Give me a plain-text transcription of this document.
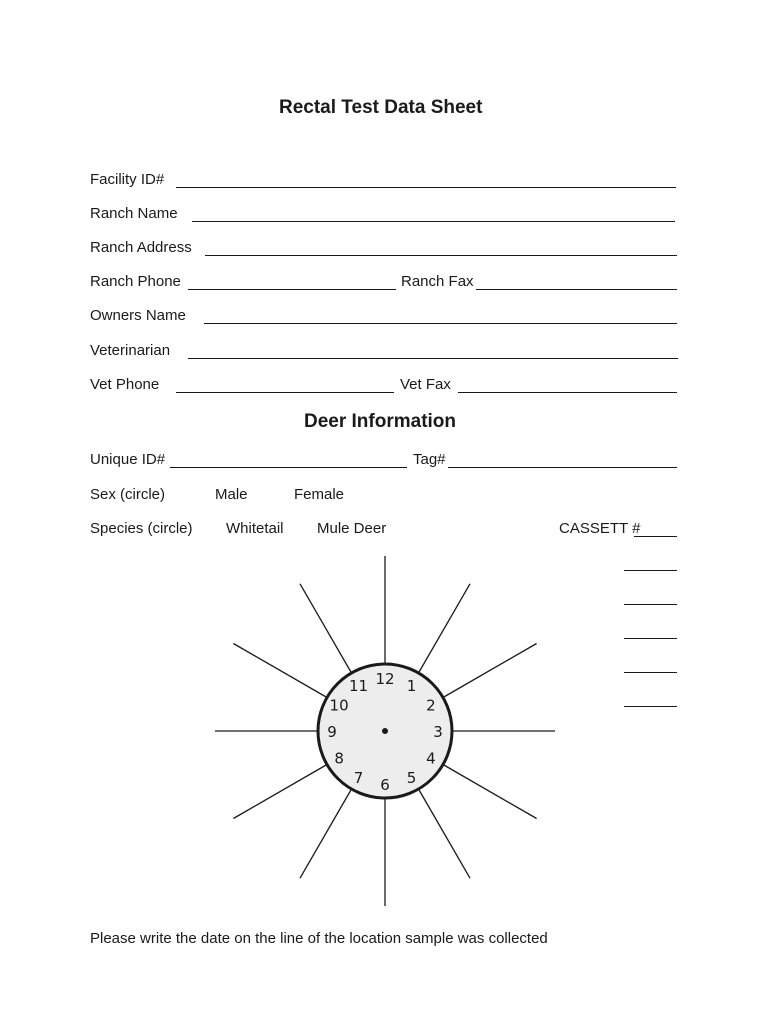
Rectal Test Data Sheet
Facility ID#
Ranch Name
Ranch Address
Ranch Phone	Ranch Fax
Owners Name
Veterinarian
Vet Phone	Vet Fax
Deer Information
Unique ID#	Tag#
Sex (circle)	Male	Female
Species (circle) Whitetail Mule Deer	CASSETT #
12 1
2
3
4
5
6
7
8
9
10
11
Please write the date on the line of the location sample was collected
